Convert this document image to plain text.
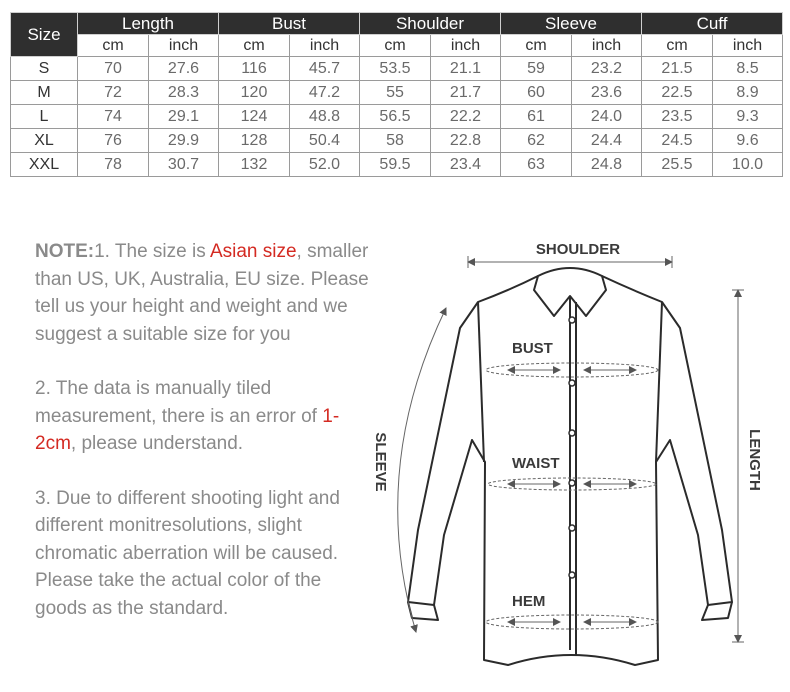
Size	Length		Bust		Shoulder		Sleeve		Cuff	
	cm	inch	cm	inch	cm	inch	cm	inch	cm	inch
S	70	27.6	116	45.7	53.5	21.1	59	23.2	21.5	8.5
M	72	28.3	120	47.2	55	21.7	60	23.6	22.5	8.9
L	74	29.1	124	48.8	56.5	22.2	61	24.0	23.5	9.3
XL	76	29.9	128	50.4	58	22.8	62	24.4	24.5	9.6
XXL	78	30.7	132	52.0	59.5	23.4	63	24.8	25.5	10.0

NOTE:1. The size is Asian size, smaller than US, UK, Australia, EU size. Please tell us your height and weight and we suggest a suitable size for you

2. The data is manually tiled measurement, there is an error of 1-2cm, please understand.

3. Due to different shooting light and different monitresolutions, slight chromatic aberration will be caused. Please take the actual color of the goods as the standard.

SHOULDER
BUST
WAIST
HEM
SLEEVE	LENGTH
